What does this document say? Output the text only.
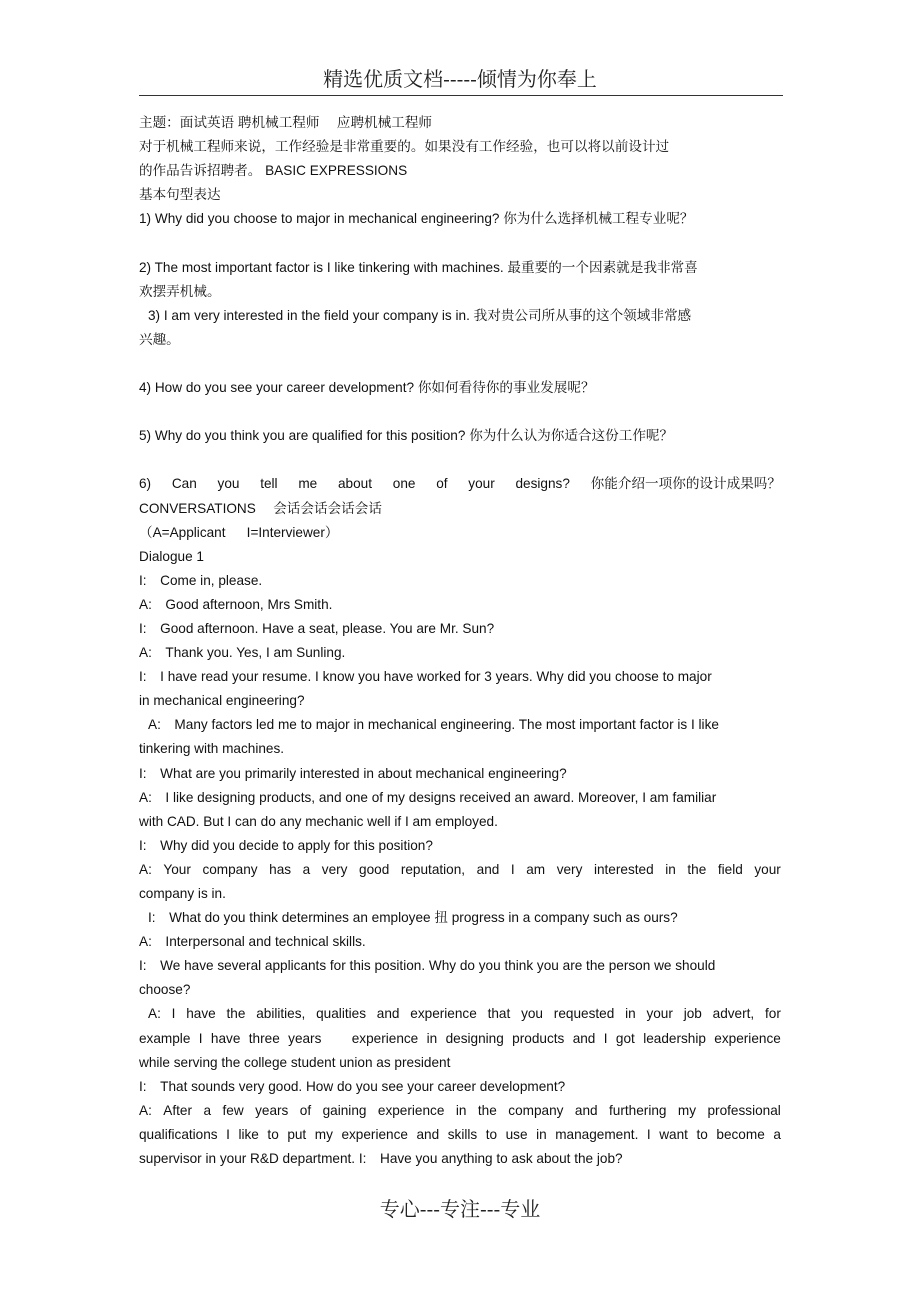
精选优质文档-----倾情为你奉上
主题：面试英语 聘机械工程师 　应聘机械工程师
对于机械工程师来说，工作经验是非常重要的。如果没有工作经验，也可以将以前设计过
的作品告诉招聘者。 BASIC EXPRESSIONS
基本句型表达
1) Why did you choose to major in mechanical engineering? 你为什么选择机械工程专业呢？
2) The most important factor is I like tinkering with machines. 最重要的一个因素就是我非常喜
欢摆弄机械。
3) I am very interested in the field your company is in. 我对贵公司所从事的这个领域非常感
兴趣。
4) How do you see your career development? 你如何看待你的事业发展呢？
5) Why do you think you are qualified for this position? 你为什么认为你适合这份工作呢？
6) Can you tell me about one of your designs? 你能介绍一项你的设计成果吗？
CONVERSATIONS 　会话会话会话会话
（A=Applicant 　 I=Interviewer）
Dialogue 1
I:　Come in, please.
A:　Good afternoon, Mrs Smith.
I:　Good afternoon. Have a seat, please. You are Mr. Sun?
A:　Thank you. Yes, I am Sunling.
I:　I have read your resume. I know you have worked for 3 years. Why did you choose to major
in mechanical engineering?
A:　Many factors led me to major in mechanical engineering. The most important factor is I like
tinkering with machines.
I:　What are you primarily interested in about mechanical engineering?
A:　I like designing products, and one of my designs received an award. Moreover, I am familiar
with CAD. But I can do any mechanic well if I am employed.
I:　Why did you decide to apply for this position?
A: Your company has a very good reputation, and I am very interested in the field your
company is in.
I:　What do you think determines an employee 扭 progress in a company such as ours?
A:　Interpersonal and technical skills.
I:　We have several applicants for this position. Why do you think you are the person we should
choose?
A: I have the abilities, qualities and experience that you requested in your job advert, for
example I have three years
　 experience in designing products and I got leadership experience
while serving the college student union as president
I:　That sounds very good. How do you see your career development?
A: After a few years of gaining experience in the company and furthering my professional
qualifications I like to put my experience and skills to use in management. I want to become a
supervisor in your R&D department. I:　Have you anything to ask about the job?
专心---专注---专业
